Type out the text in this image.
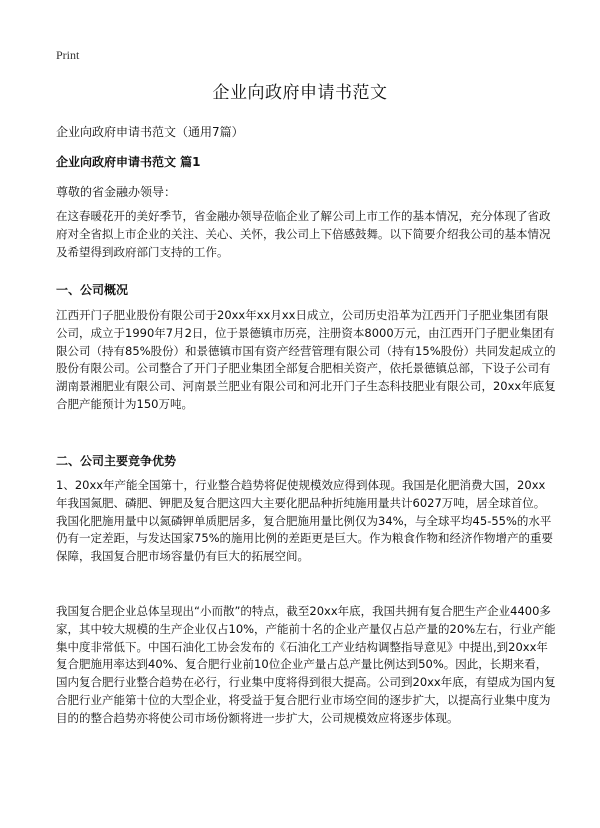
Print
企业向政府申请书范文
企业向政府申请书范文（通用7篇）
企业向政府申请书范文 篇1
尊敬的省金融办领导：

在这春暖花开的美好季节，省金融办领导莅临企业了解公司上市工作的基本情况，充分体现了省政府对全省拟上市企业的关注、关心、关怀，我公司上下倍感鼓舞。以下简要介绍我公司的基本情况及希望得到政府部门支持的工作。

一、公司概况

江西开门子肥业股份有限公司于20xx年xx月xx日成立，公司历史沿革为江西开门子肥业集团有限公司，成立于1990年7月2日，位于景德镇市历亮，注册资本8000万元，由江西开门子肥业集团有限公司（持有85%股份）和景德镇市国有资产经营管理有限公司（持有15%股份）共同发起成立的股份有限公司。公司整合了开门子肥业集团全部复合肥相关资产，依托景德镇总部，下设子公司有湖南景湘肥业有限公司、河南景兰肥业有限公司和河北开门子生态科技肥业有限公司，20xx年底复合肥产能预计为150万吨。

二、公司主要竞争优势

1、20xx年产能全国第十，行业整合趋势将促使规模效应得到体现。我国是化肥消费大国，20xx年我国氮肥、磷肥、钾肥及复合肥这四大主要化肥品种折纯施用量共计6027万吨，居全球首位。我国化肥施用量中以氮磷钾单质肥居多，复合肥施用量比例仅为34%，与全球平均45-55%的水平仍有一定差距，与发达国家75%的施用比例的差距更是巨大。作为粮食作物和经济作物增产的重要保障，我国复合肥市场容量仍有巨大的拓展空间。

我国复合肥企业总体呈现出“小而散”的特点，截至20xx年底，我国共拥有复合肥生产企业4400多家，其中较大规模的生产企业仅占10%，产能前十名的企业产量仅占总产量的20%左右，行业产能集中度非常低下。中国石油化工协会发布的《石油化工产业结构调整指导意见》中提出,到20xx年复合肥施用率达到40%、复合肥行业前10位企业产量占总产量比例达到50%。因此，长期来看，国内复合肥行业整合趋势在必行，行业集中度将得到很大提高。公司到20xx年底，有望成为国内复合肥行业产能第十位的大型企业，将受益于复合肥行业市场空间的逐步扩大，以提高行业集中度为目的的整合趋势亦将使公司市场份额将进一步扩大，公司规模效应将逐步体现。
